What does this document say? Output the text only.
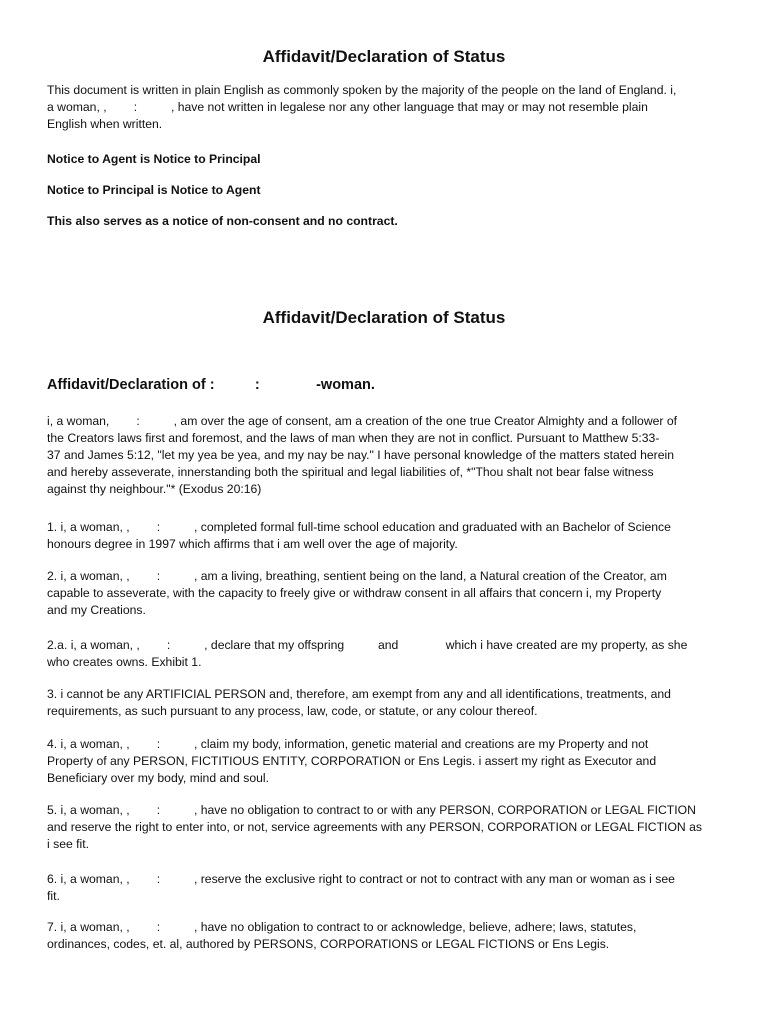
Affidavit/Declaration of Status

This document is written in plain English as commonly spoken by the majority of the people on the land of England. i,
a woman, ,        :          , have not written in legalese nor any other language that may or may not resemble plain
English when written.

Notice to Agent is Notice to Principal

Notice to Principal is Notice to Agent

This also serves as a notice of non-consent and no contract.

Affidavit/Declaration of Status
Affidavit/Declaration of :          :              -woman.

i, a woman,        :          , am over the age of consent, am a creation of the one true Creator Almighty and a follower of
the Creators laws first and foremost, and the laws of man when they are not in conflict. Pursuant to Matthew 5:33-
37 and James 5:12, "let my yea be yea, and my nay be nay." I have personal knowledge of the matters stated herein
and hereby asseverate, innerstanding both the spiritual and legal liabilities of, *"Thou shalt not bear false witness
against thy neighbour."* (Exodus 20:16)

1. i, a woman, ,        :          , completed formal full-time school education and graduated with an Bachelor of Science
honours degree in 1997 which affirms that i am well over the age of majority.

2. i, a woman, ,        :          , am a living, breathing, sentient being on the land, a Natural creation of the Creator, am
capable to asseverate, with the capacity to freely give or withdraw consent in all affairs that concern i, my Property
and my Creations.

2.a. i, a woman, ,        :          , declare that my offspring          and              which i have created are my property, as she
who creates owns. Exhibit 1.

3. i cannot be any ARTIFICIAL PERSON and, therefore, am exempt from any and all identifications, treatments, and
requirements, as such pursuant to any process, law, code, or statute, or any colour thereof.

4. i, a woman, ,        :          , claim my body, information, genetic material and creations are my Property and not
Property of any PERSON, FICTITIOUS ENTITY, CORPORATION or Ens Legis. i assert my right as Executor and
Beneficiary over my body, mind and soul.

5. i, a woman, ,        :          , have no obligation to contract to or with any PERSON, CORPORATION or LEGAL FICTION
and reserve the right to enter into, or not, service agreements with any PERSON, CORPORATION or LEGAL FICTION as
i see fit.

6. i, a woman, ,        :          , reserve the exclusive right to contract or not to contract with any man or woman as i see
fit.

7. i, a woman, ,        :          , have no obligation to contract to or acknowledge, believe, adhere; laws, statutes,
ordinances, codes, et. al, authored by PERSONS, CORPORATIONS or LEGAL FICTIONS or Ens Legis.
